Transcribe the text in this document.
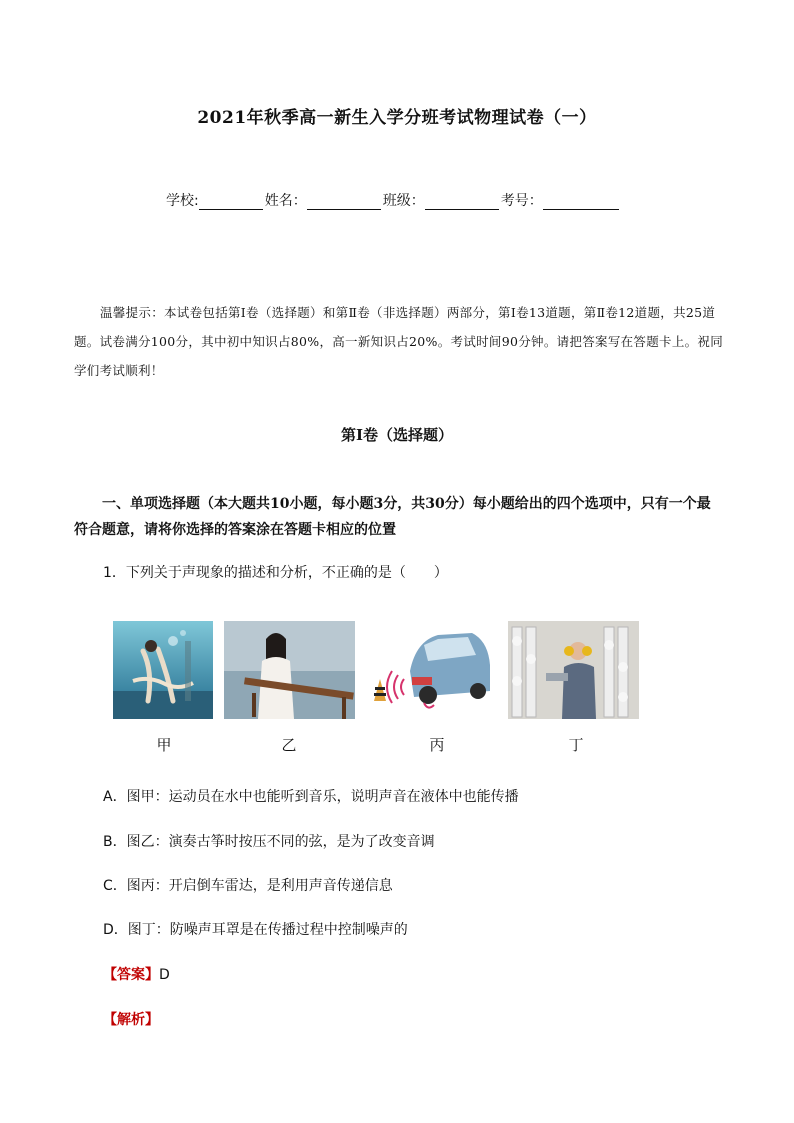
2021年秋季高一新生入学分班考试物理试卷（一）
学校:	姓名：	班级：	考号：
温馨提示：本试卷包括第Ⅰ卷（选择题）和第Ⅱ卷（非选择题）两部分，第Ⅰ卷13道题，第Ⅱ卷12道题，共25道题。试卷满分100分，其中初中知识占80%，高一新知识占20%。考试时间90分钟。请把答案写在答题卡上。祝同学们考试顺利！
第Ⅰ卷（选择题）
一、单项选择题（本大题共10小题，每小题3分，共30分）每小题给出的四个选项中，只有一个最符合题意，请将你选择的答案涂在答题卡相应的位置
1．下列关于声现象的描述和分析，不正确的是（　　）
甲	乙	丙	丁
A．图甲：运动员在水中也能听到音乐，说明声音在液体中也能传播
B．图乙：演奏古筝时按压不同的弦，是为了改变音调
C．图丙：开启倒车雷达，是利用声音传递信息
D．图丁：防噪声耳罩是在传播过程中控制噪声的
【答案】D
【解析】
